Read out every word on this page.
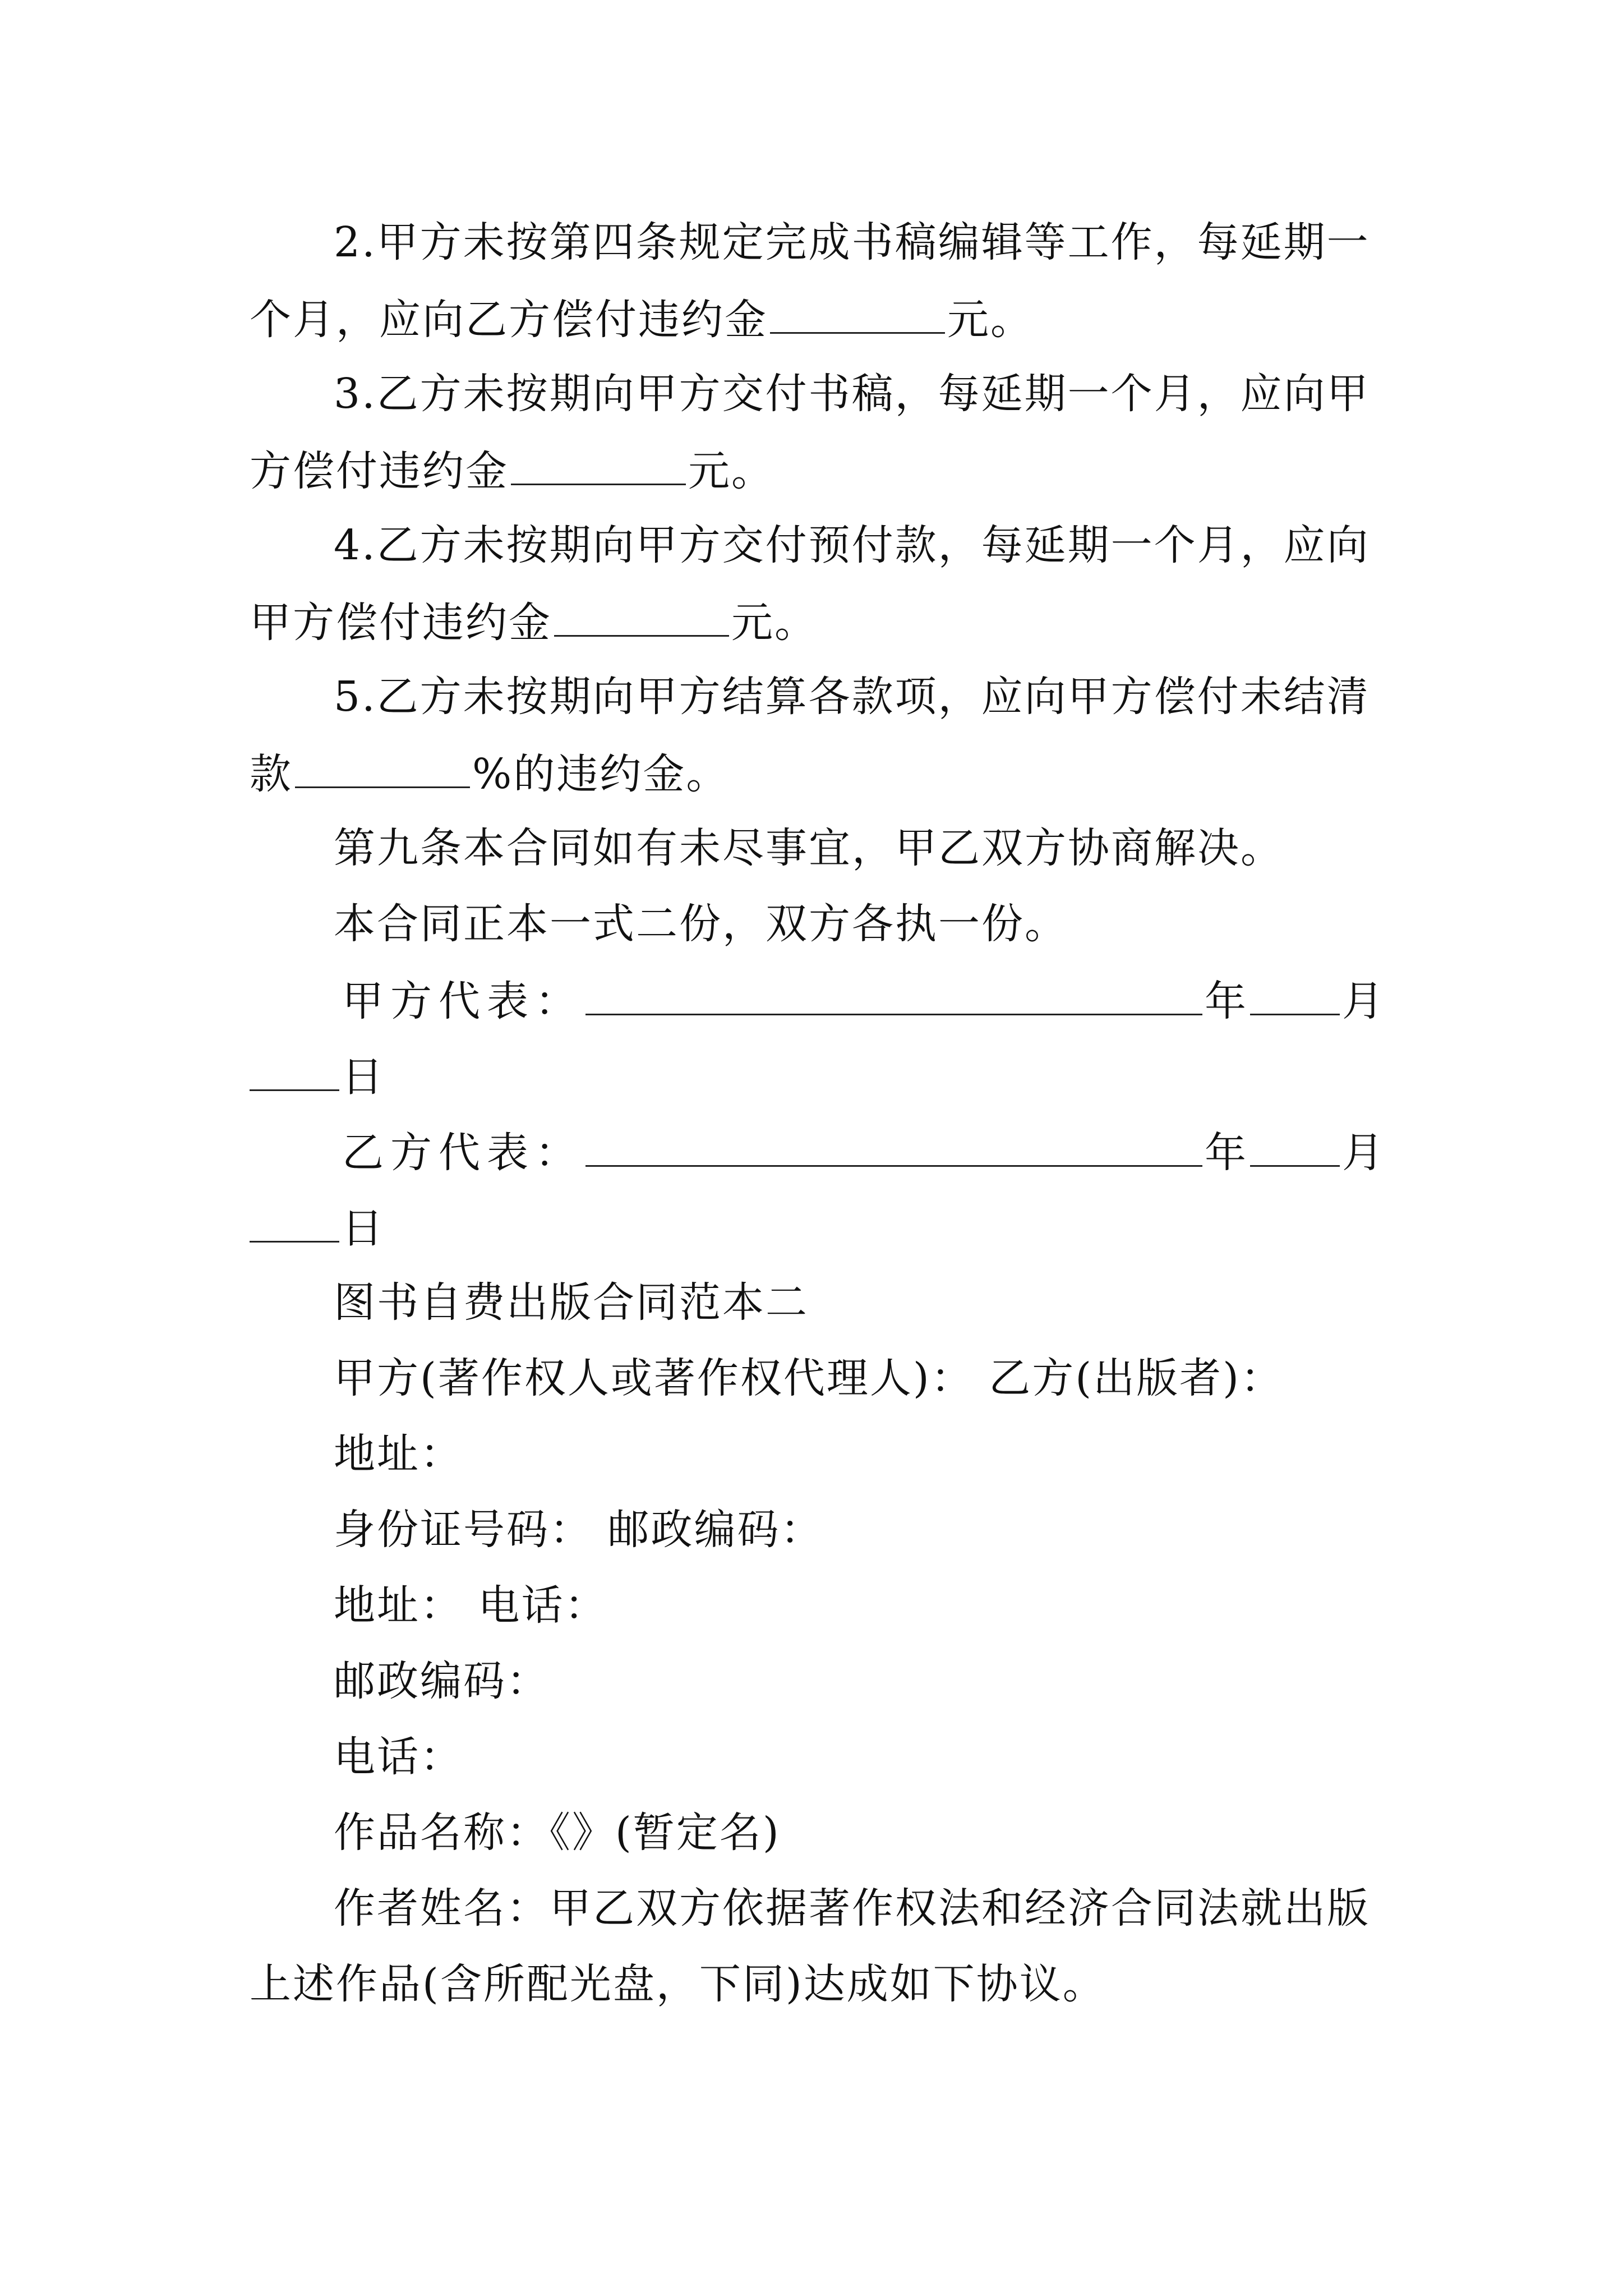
2.甲方未按第四条规定完成书稿编辑等工作，每延期一
个月，应向乙方偿付违约金	元。
3.乙方未按期向甲方交付书稿，每延期一个月，应向甲
方偿付违约金	元。
4.乙方未按期向甲方交付预付款，每延期一个月，应向
甲方偿付违约金	元。
5.乙方未按期向甲方结算各款项，应向甲方偿付未结清
款	%的违约金。
第九条本合同如有未尽事宜，甲乙双方协商解决。
本合同正本一式二份，双方各执一份。
甲方代表：	年 月
日
乙方代表：	年 月
日
图书自费出版合同范本二
甲方(著作权人或著作权代理人)： 乙方(出版者)：
地址：
身份证号码： 邮政编码：
地址： 电话：
邮政编码：
电话：
作品名称：《》(暂定名)
作者姓名：甲乙双方依据著作权法和经济合同法就出版
上述作品(含所配光盘，下同)达成如下协议。
